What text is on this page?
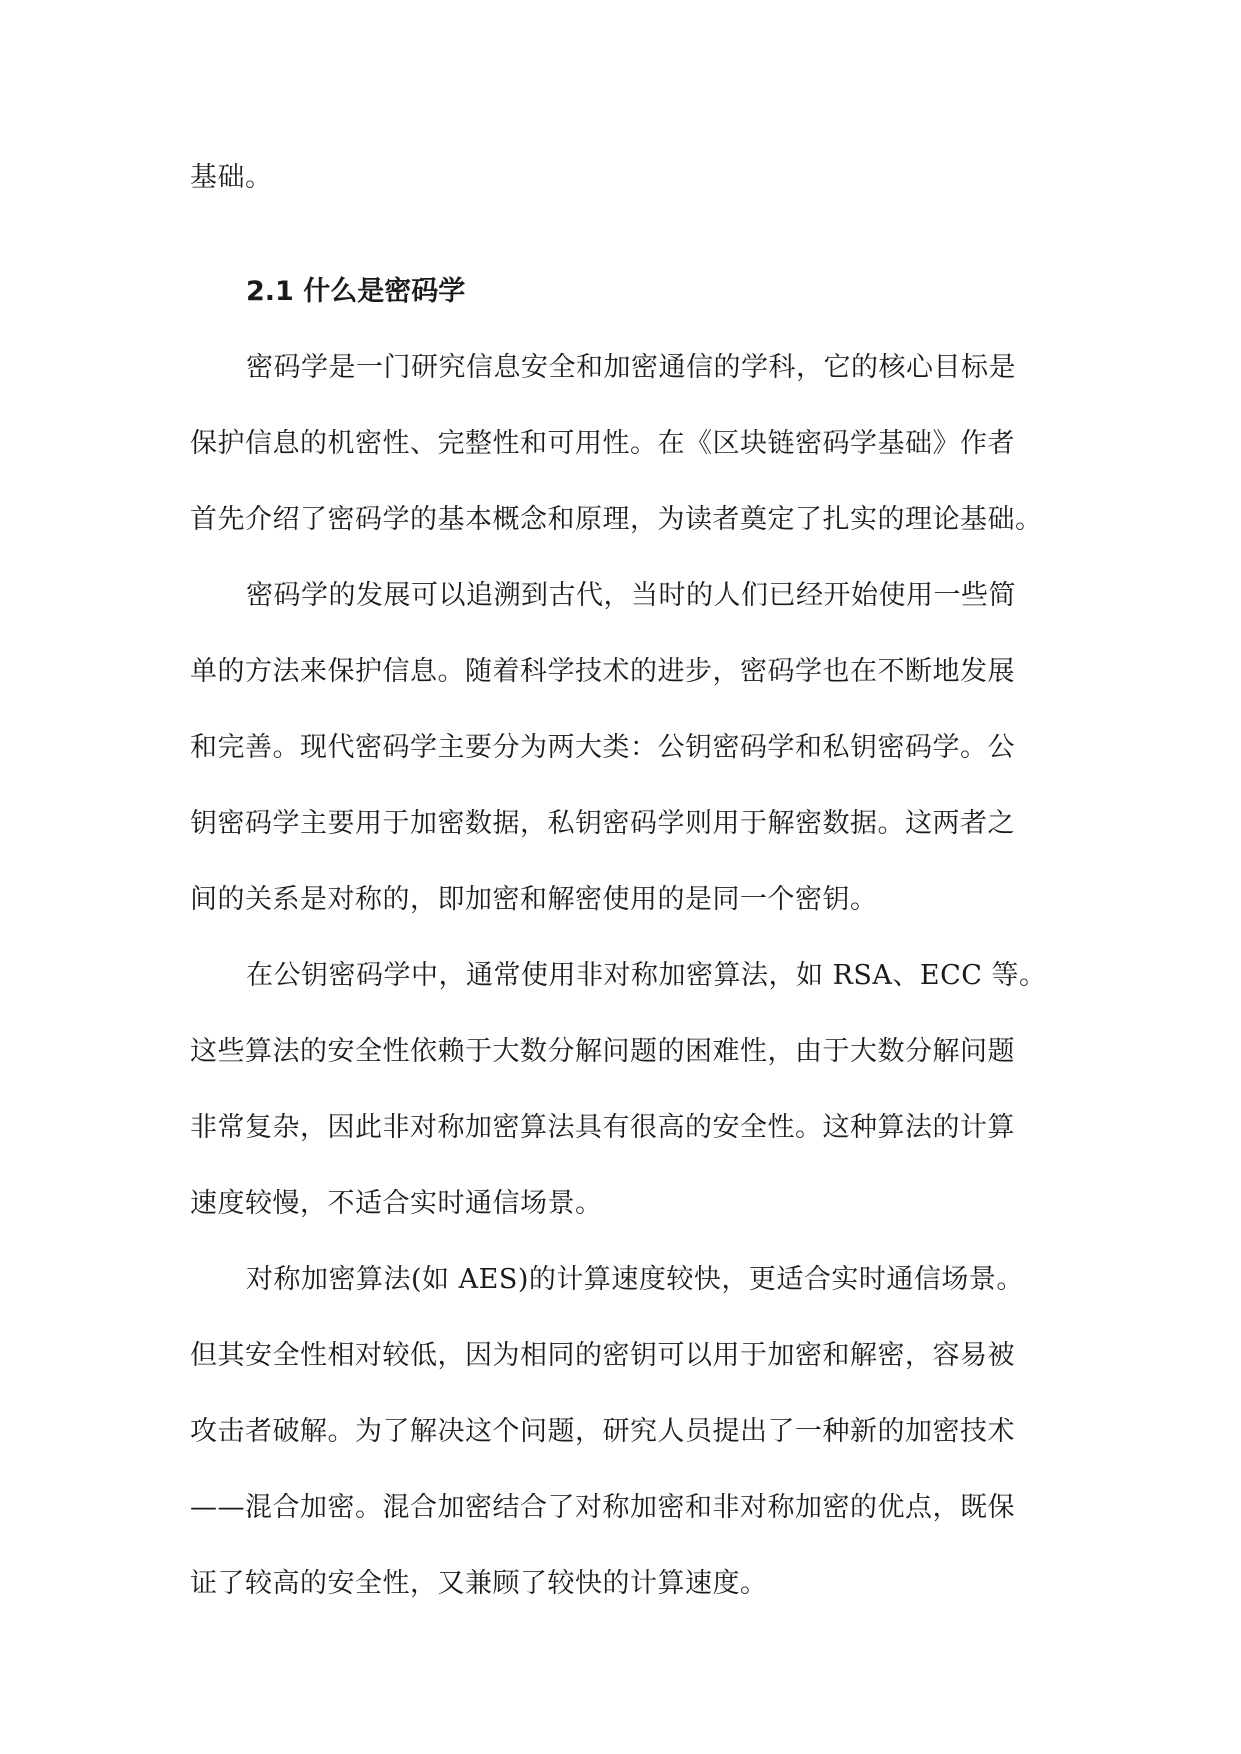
基础。
2.1 什么是密码学
密码学是一门研究信息安全和加密通信的学科，它的核心目标是
保护信息的机密性、完整性和可用性。在《区块链密码学基础》作者
首先介绍了密码学的基本概念和原理，为读者奠定了扎实的理论基础。
密码学的发展可以追溯到古代，当时的人们已经开始使用一些简
单的方法来保护信息。随着科学技术的进步，密码学也在不断地发展
和完善。现代密码学主要分为两大类：公钥密码学和私钥密码学。公
钥密码学主要用于加密数据，私钥密码学则用于解密数据。这两者之
间的关系是对称的，即加密和解密使用的是同一个密钥。
在公钥密码学中，通常使用非对称加密算法，如 RSA、ECC 等。
这些算法的安全性依赖于大数分解问题的困难性，由于大数分解问题
非常复杂，因此非对称加密算法具有很高的安全性。这种算法的计算
速度较慢，不适合实时通信场景。
对称加密算法(如 AES)的计算速度较快，更适合实时通信场景。
但其安全性相对较低，因为相同的密钥可以用于加密和解密，容易被
攻击者破解。为了解决这个问题，研究人员提出了一种新的加密技术
——混合加密。混合加密结合了对称加密和非对称加密的优点，既保
证了较高的安全性，又兼顾了较快的计算速度。
